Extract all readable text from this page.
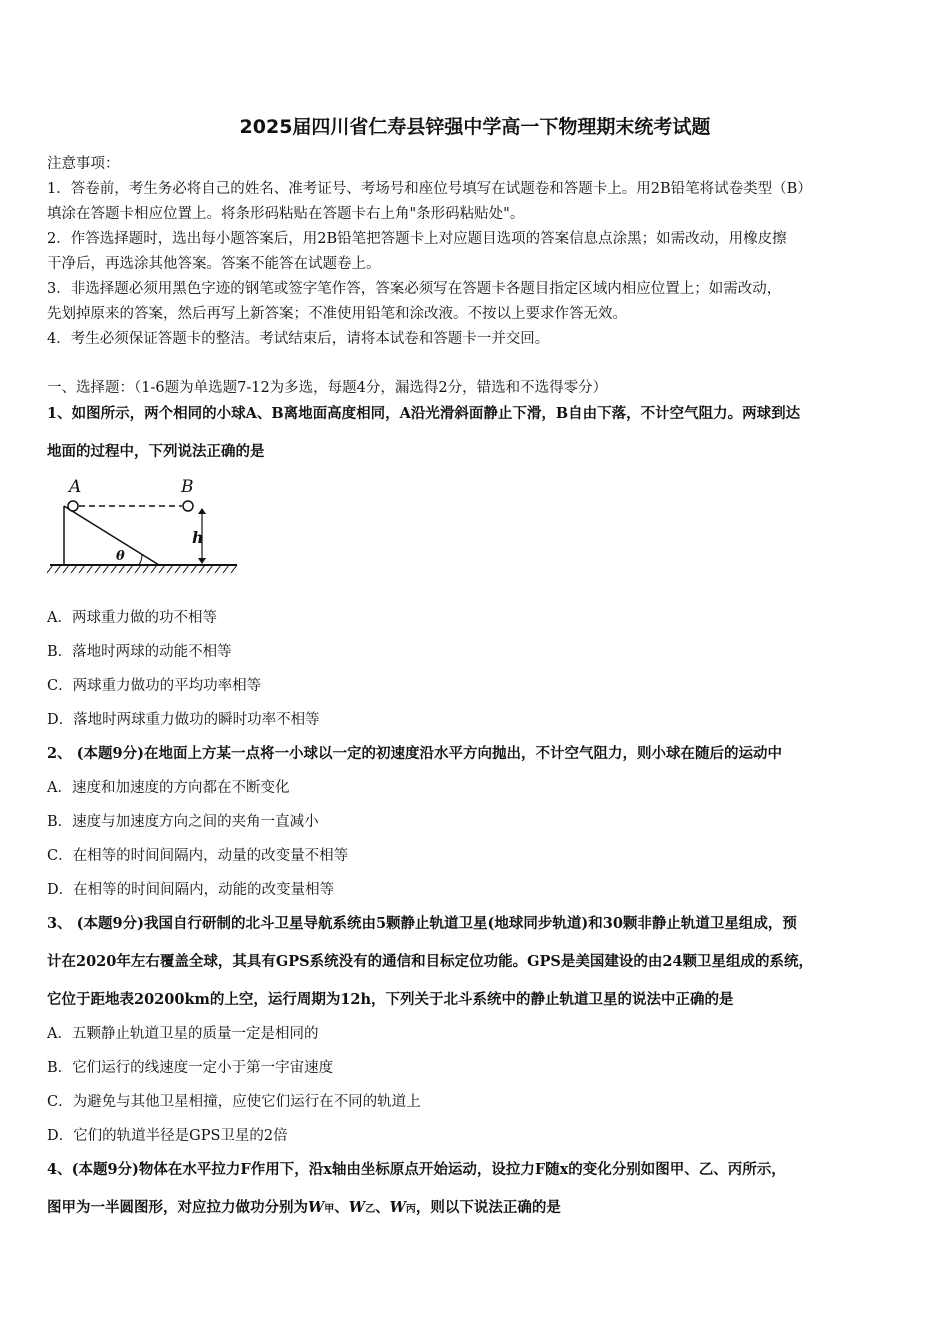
2025届四川省仁寿县锌强中学高一下物理期末统考试题
注意事项：
1．答卷前，考生务必将自己的姓名、准考证号、考场号和座位号填写在试题卷和答题卡上。用2B铅笔将试卷类型（B）
填涂在答题卡相应位置上。将条形码粘贴在答题卡右上角"条形码粘贴处"。
2．作答选择题时，选出每小题答案后，用2B铅笔把答题卡上对应题目选项的答案信息点涂黑；如需改动，用橡皮擦
干净后，再选涂其他答案。答案不能答在试题卷上。
3．非选择题必须用黑色字迹的钢笔或签字笔作答，答案必须写在答题卡各题目指定区域内相应位置上；如需改动，
先划掉原来的答案，然后再写上新答案；不准使用铅笔和涂改液。不按以上要求作答无效。
4．考生必须保证答题卡的整洁。考试结束后，请将本试卷和答题卡一并交回。
一、选择题：（1-6题为单选题7-12为多选，每题4分，漏选得2分，错选和不选得零分）
1、如图所示，两个相同的小球A、B离地面高度相同，A沿光滑斜面静止下滑，B自由下落，不计空气阻力。两球到达
地面的过程中，下列说法正确的是
A	B
h
θ
A．两球重力做的功不相等
B．落地时两球的动能不相等
C．两球重力做功的平均功率相等
D．落地时两球重力做功的瞬时功率不相等
2、 (本题9分)在地面上方某一点将一小球以一定的初速度沿水平方向抛出，不计空气阻力，则小球在随后的运动中
A．速度和加速度的方向都在不断变化
B．速度与加速度方向之间的夹角一直减小
C．在相等的时间间隔内，动量的改变量不相等
D．在相等的时间间隔内，动能的改变量相等
3、 (本题9分)我国自行研制的北斗卫星导航系统由5颗静止轨道卫星(地球同步轨道)和30颗非静止轨道卫星组成，预
计在2020年左右覆盖全球，其具有GPS系统没有的通信和目标定位功能。GPS是美国建设的由24颗卫星组成的系统，
它位于距地表20200km的上空，运行周期为12h，下列关于北斗系统中的静止轨道卫星的说法中正确的是
A．五颗静止轨道卫星的质量一定是相同的
B．它们运行的线速度一定小于第一宇宙速度
C．为避免与其他卫星相撞，应使它们运行在不同的轨道上
D．它们的轨道半径是GPS卫星的2倍
4、(本题9分)物体在水平拉力F作用下，沿x轴由坐标原点开始运动，设拉力F随x的变化分别如图甲、乙、丙所示，
图甲为一半圆图形，对应拉力做功分别为W甲、W乙、W丙，则以下说法正确的是
